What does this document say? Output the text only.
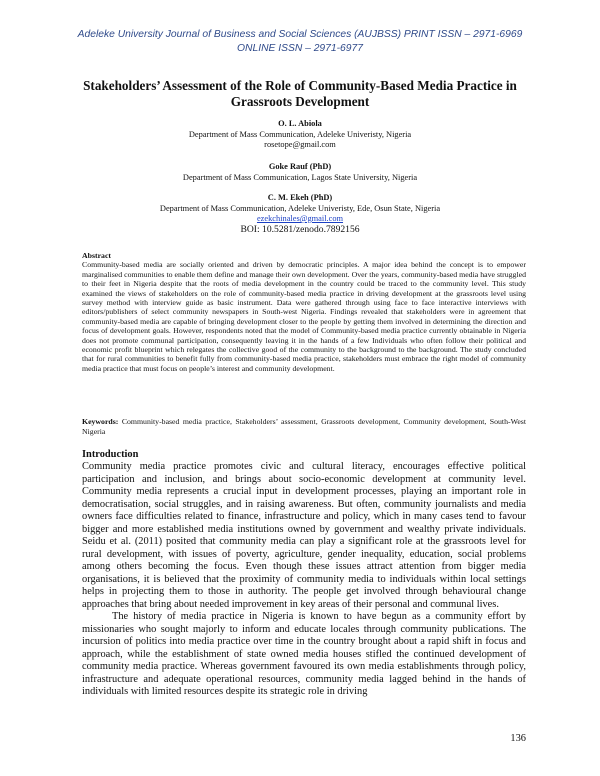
Adeleke University Journal of Business and Social Sciences (AUJBSS) PRINT ISSN – 2971-6969
ONLINE ISSN – 2971-6977
Stakeholders’ Assessment of the Role of Community-Based Media Practice in Grassroots Development
O. L. Abiola
Department of Mass Communication, Adeleke Univeristy, Nigeria
rosetope@gmail.com
Goke Rauf (PhD)
Department of Mass Communication, Lagos State University, Nigeria
C. M. Ekeh (PhD)
Department of Mass Communication, Adeleke Univeristy, Ede, Osun State, Nigeria
ezekchinales@gmail.com
BOI: 10.5281/zenodo.7892156
Abstract
Community-based media are socially oriented and driven by democratic principles. A major idea behind the concept is to empower marginalised communities to enable them define and manage their own development. Over the years, community-based media have struggled to their feet in Nigeria despite that the roots of media development in the country could be traced to the community level. This study examined the views of stakeholders on the role of community-based media practice in driving development at the grassroots level using survey method with interview guide as basic instrument. Data were gathered through using face to face interactive interviews with editors/publishers of select community newspapers in South-west Nigeria. Findings revealed that stakeholders were in agreement that community-based media are capable of bringing development closer to the people by getting them involved in determining the direction and focus of development goals. However, respondents noted that the model of Community-based media practice currently obtainable in Nigeria does not promote communal participation, consequently leaving it in the hands of a few Individuals who often follow their political and economic profit blueprint which relegates the collective good of the community to the background to the background. The study concluded that for rural communities to benefit fully from community-based media practice, stakeholders must embrace the right model of community media practice that must focus on people’s interest and community development.
Keywords: Community-based media practice, Stakeholders’ assessment, Grassroots development, Community development, South-West Nigeria
Introduction

Community media practice promotes civic and cultural literacy, encourages effective political participation and inclusion, and brings about socio-economic development at community level. Community media represents a crucial input in development processes, playing an important role in democratisation, social struggles, and in raising awareness. But often, community journalists and media owners face difficulties related to finance, infrastructure and policy, which in many cases tend to favour bigger and more established media institutions owned by government and wealthy private individuals. Seidu et al. (2011) posited that community media can play a significant role at the grassroots level for rural development, with issues of poverty, agriculture, gender inequality, education, social problems among others becoming the focus. Even though these issues attract attention from bigger media organisations, it is believed that the proximity of community media to individuals within local settings helps in projecting them to those in authority. The people get involved through behavioural change approaches that bring about needed improvement in key areas of their personal and communal lives.

The history of media practice in Nigeria is known to have begun as a community effort by missionaries who sought majorly to inform and educate locales through community publications. The incursion of politics into media practice over time in the country brought about a rapid shift in focus and approach, while the establishment of state owned media houses stifled the continued development of community media practice. Whereas government favoured its own media establishments through policy, infrastructure and adequate operational resources, community media lagged behind in the hands of individuals with limited resources despite its strategic role in driving

136
